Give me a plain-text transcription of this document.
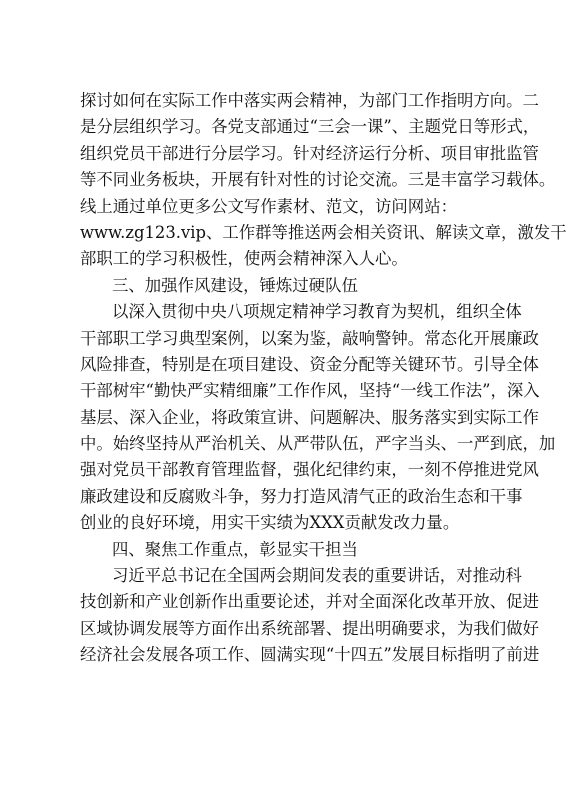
探讨如何在实际工作中落实两会精神，为部门工作指明方向。二
是分层组织学习。各党支部通过“三会一课”、主题党日等形式，
组织党员干部进行分层学习。针对经济运行分析、项目审批监管
等不同业务板块，开展有针对性的讨论交流。三是丰富学习载体。
线上通过单位更多公文写作素材、范文，访问网站：
www.zg123.vip、工作群等推送两会相关资讯、解读文章，激发干
部职工的学习积极性，使两会精神深入人心。
三、加强作风建设，锤炼过硬队伍
以深入贯彻中央八项规定精神学习教育为契机，组织全体
干部职工学习典型案例，以案为鉴，敲响警钟。常态化开展廉政
风险排查，特别是在项目建设、资金分配等关键环节。引导全体
干部树牢“勤快严实精细廉”工作作风，坚持“一线工作法”，深入
基层、深入企业，将政策宣讲、问题解决、服务落实到实际工作
中。始终坚持从严治机关、从严带队伍，严字当头、一严到底，加
强对党员干部教育管理监督，强化纪律约束，一刻不停推进党风
廉政建设和反腐败斗争，努力打造风清气正的政治生态和干事
创业的良好环境，用实干实绩为XXX贡献发改力量。
四、聚焦工作重点，彰显实干担当
习近平总书记在全国两会期间发表的重要讲话，对推动科
技创新和产业创新作出重要论述，并对全面深化改革开放、促进
区域协调发展等方面作出系统部署、提出明确要求，为我们做好
经济社会发展各项工作、圆满实现“十四五”发展目标指明了前进
